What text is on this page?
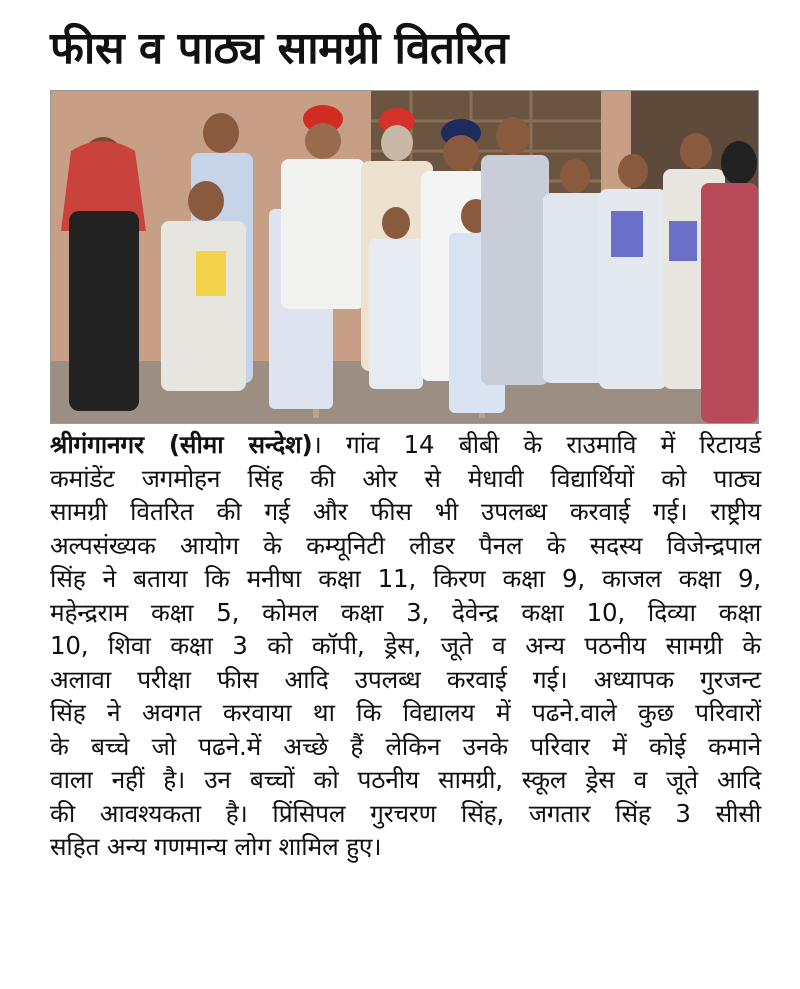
फीस व पाठ्य सामग्री वितरित

श्रीगंगानगर (सीमा सन्देश)। गांव 14 बीबी के राउमावि में रिटायर्ड

कमांडेंट जगमोहन सिंह की ओर से मेधावी विद्यार्थियों को पाठ्य

सामग्री वितरित की गई और फीस भी उपलब्ध करवाई गई। राष्ट्रीय

अल्पसंख्यक आयोग के कम्यूनिटी लीडर पैनल के सदस्य विजेन्द्रपाल

सिंह ने बताया कि मनीषा कक्षा 11, किरण कक्षा 9, काजल कक्षा 9,

महेन्द्रराम कक्षा 5, कोमल कक्षा 3, देवेन्द्र कक्षा 10, दिव्या कक्षा

10, शिवा कक्षा 3 को कॉपी, ड्रेस, जूते व अन्य पठनीय सामग्री के

अलावा परीक्षा फीस आदि उपलब्ध करवाई गई। अध्यापक गुरजन्ट

सिंह ने अवगत करवाया था कि विद्यालय में पढने.वाले कुछ परिवारों

के बच्चे जो पढने.में अच्छे हैं लेकिन उनके परिवार में कोई कमाने

वाला नहीं है। उन बच्चों को पठनीय सामग्री, स्कूल ड्रेस व जूते आदि

की आवश्यकता है। प्रिंसिपल गुरचरण सिंह, जगतार सिंह 3 सीसी

सहित अन्य गणमान्य लोग शामिल हुए।
